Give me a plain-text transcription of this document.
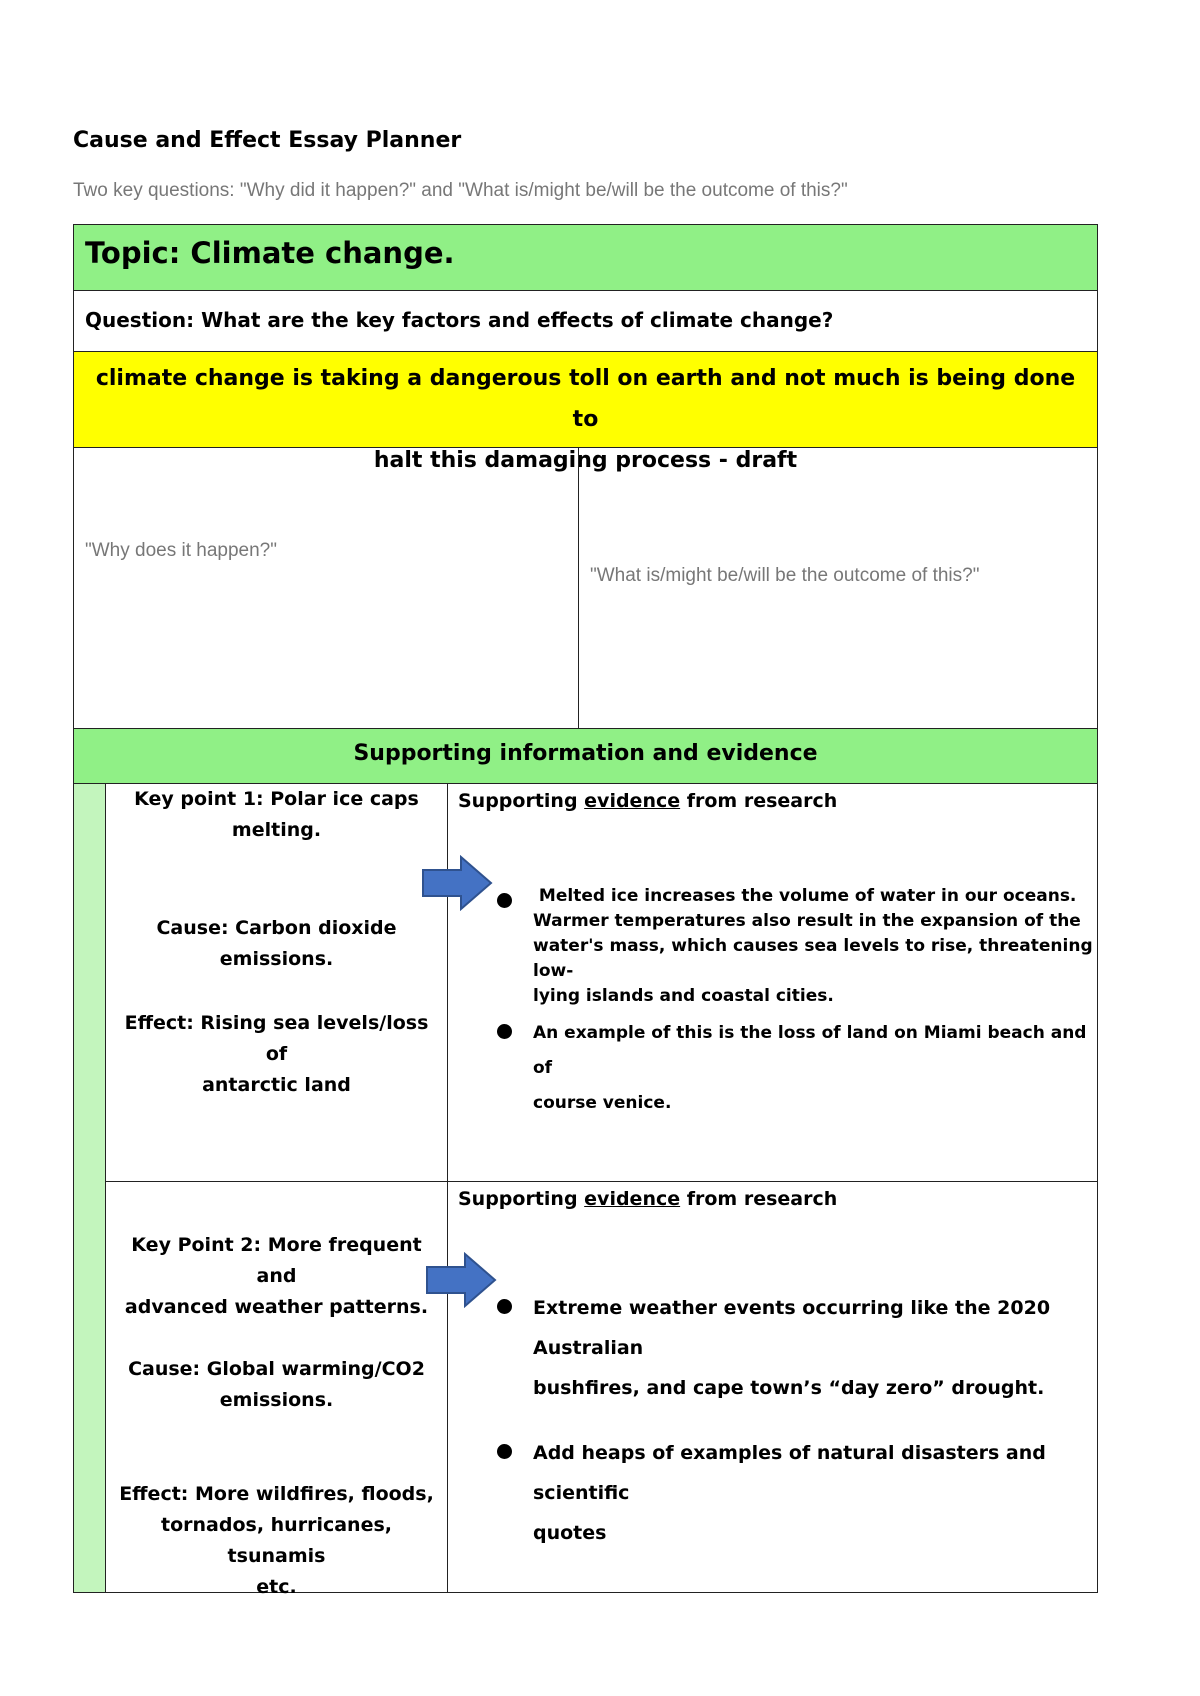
Cause and Effect Essay Planner
Two key questions: "Why did it happen?" and "What is/might be/will be the outcome of this?"
Topic: Climate change.
Question: What are the key factors and effects of climate change?
climate change is taking a dangerous toll on earth and not much is being done to
halt this damaging process - draft
"Why does it happen?"
"What is/might be/will be the outcome of this?"
Supporting information and evidence
Key point 1: Polar ice caps
melting.
Cause: Carbon dioxide emissions.
Effect: Rising sea levels/loss of
antarctic land
Supporting evidence from research
Melted ice increases the volume of water in our oceans.
Warmer temperatures also result in the expansion of the
water's mass, which causes sea levels to rise, threatening low-
lying islands and coastal cities.
An example of this is the loss of land on Miami beach and of
course venice.
Key Point 2: More frequent and
advanced weather patterns.
Cause: Global warming/CO2
emissions.
Effect: More wildfires, floods,
tornados, hurricanes, tsunamis
etc.
Supporting evidence from research
Extreme weather events occurring like the 2020 Australian
bushfires, and cape town’s “day zero” drought.
Add heaps of examples of natural disasters and scientific
quotes
